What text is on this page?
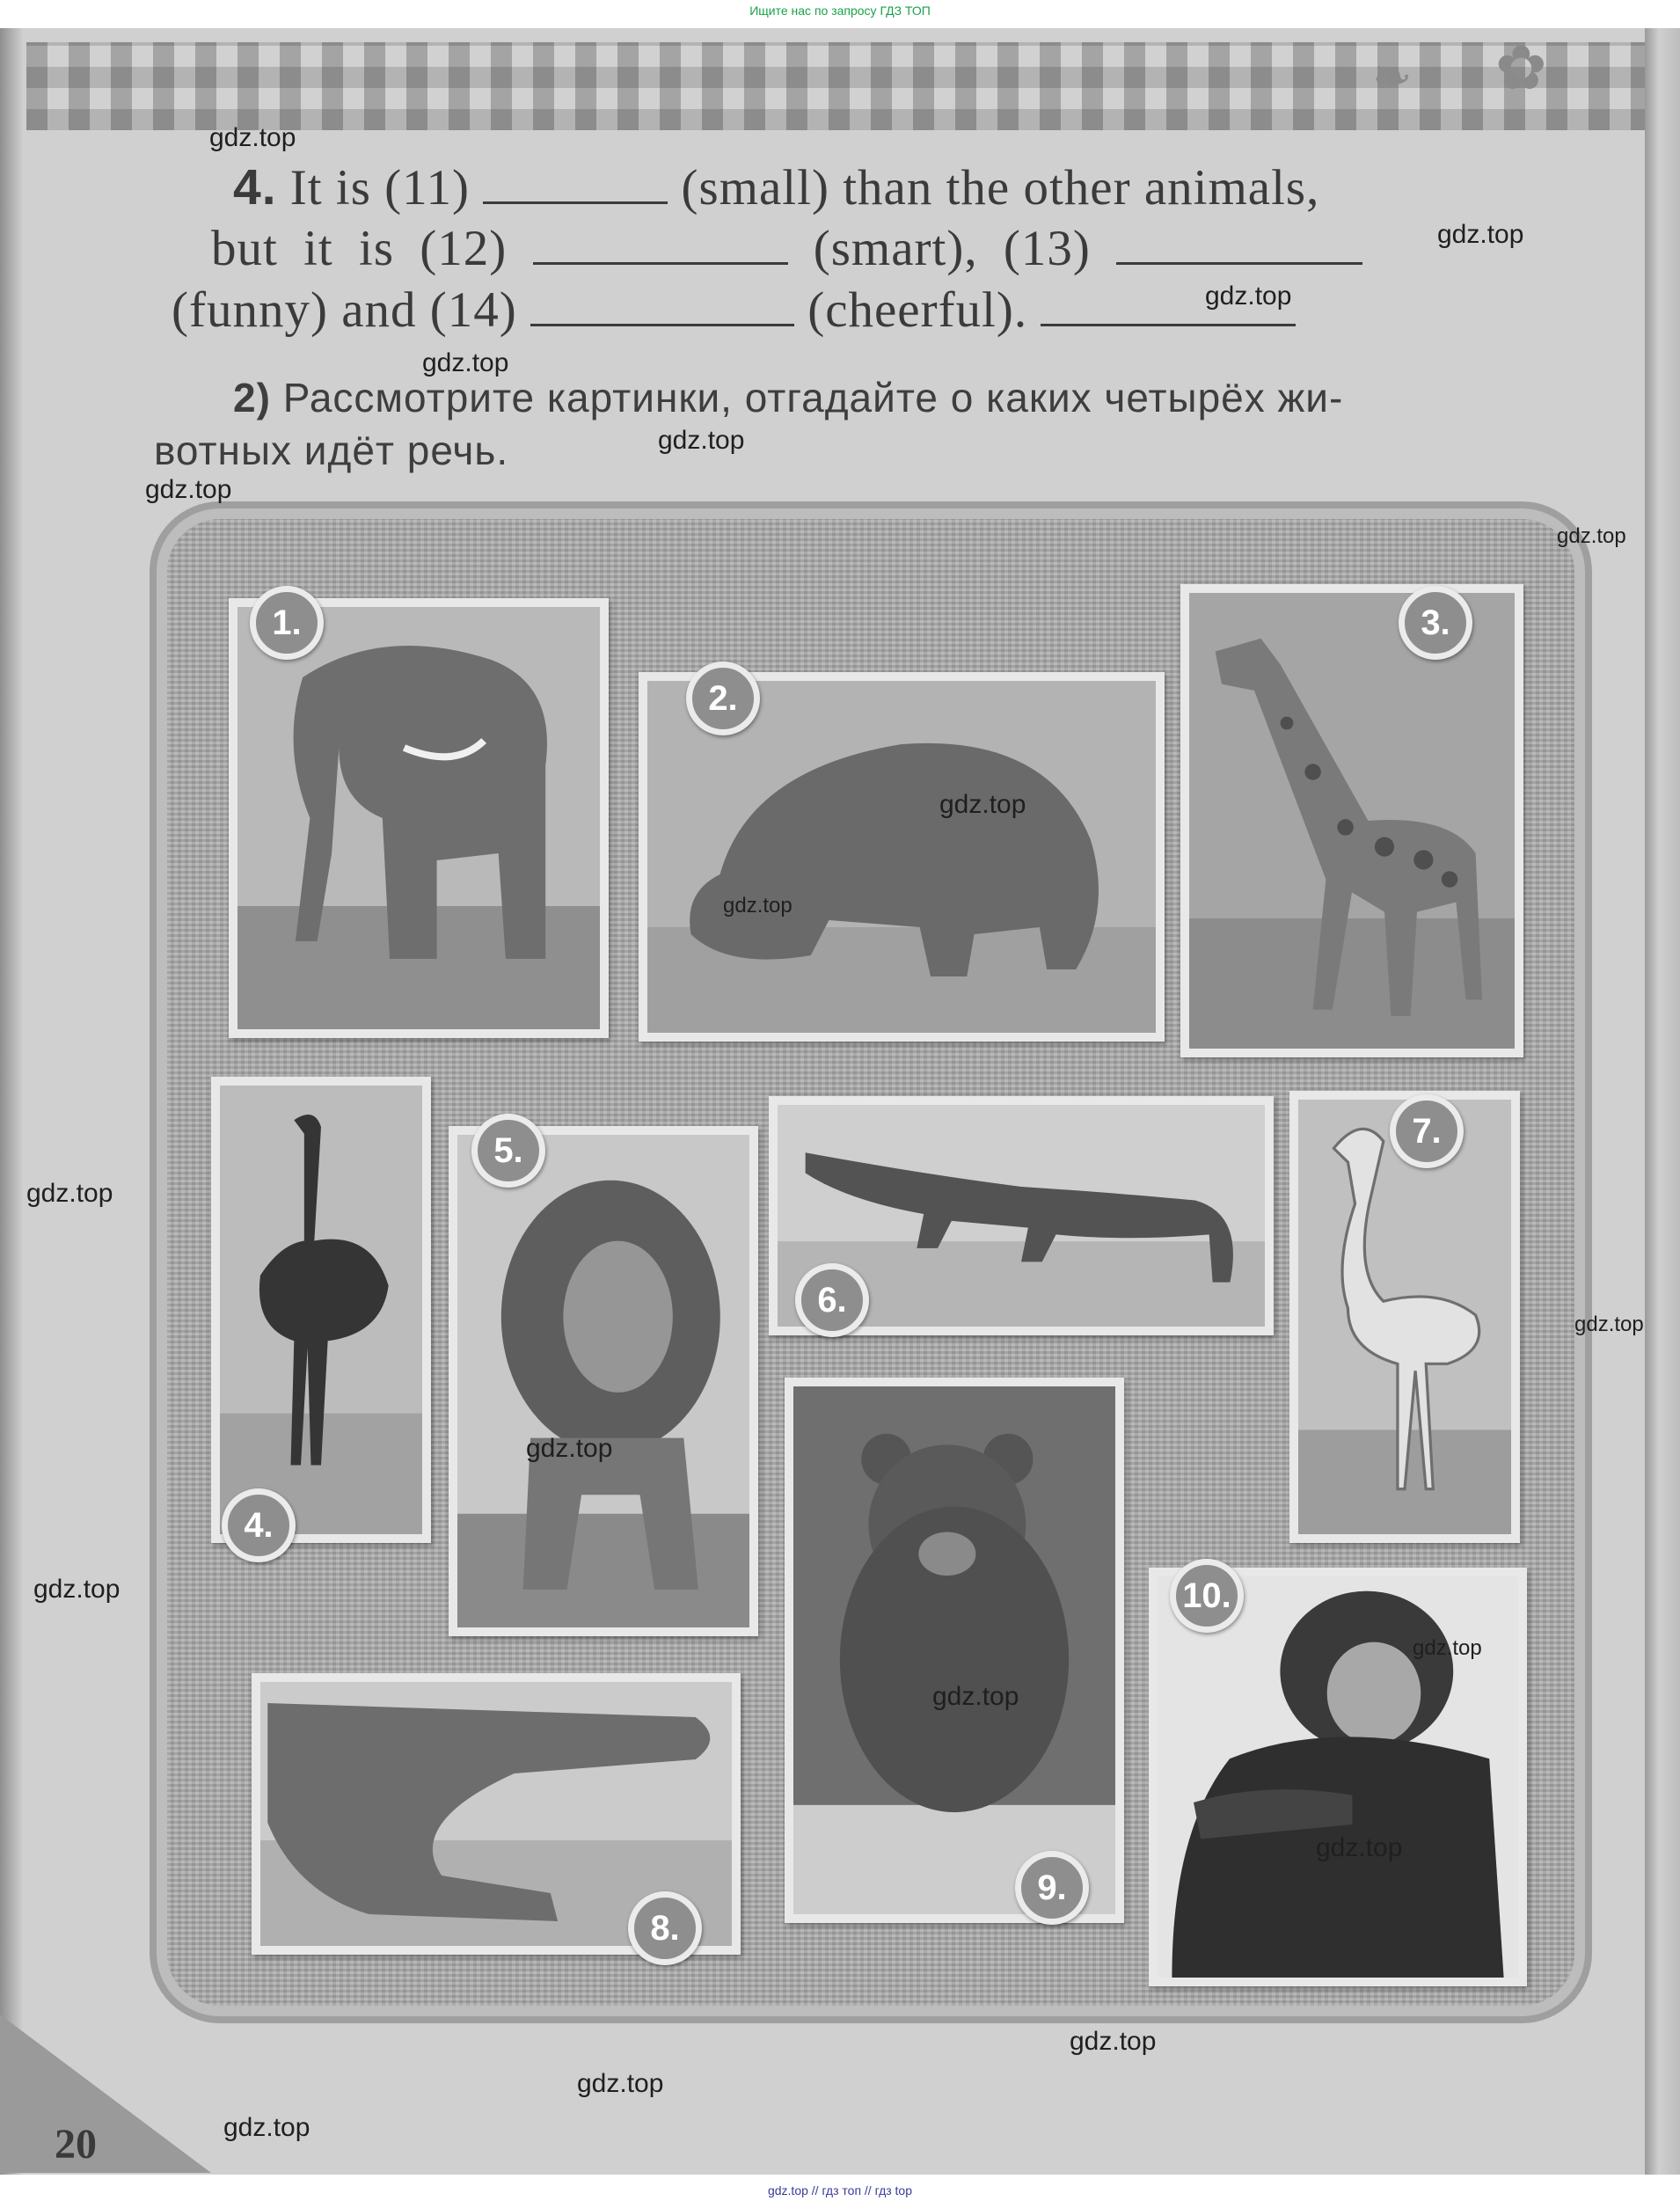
Ищите нас по запросу ГДЗ ТОП
✿
❧
4. It is (11)	(small) than the other animals,
but it is (12)	(smart), (13)
(funny) and (14)	(cheerful).
2) Рассмотрите картинки, отгадайте о каких четырёх жи-
вотных идёт речь.
1.
2.
3.
4.
5.
6.
7.
8.
9.
10.
gdz.top
gdz.top
gdz.top
gdz.top
gdz.top
gdz.top
gdz.top
gdz.top
gdz.top
gdz.top
gdz.top
gdz.top
gdz.top
gdz.top
gdz.top
gdz.top
gdz.top
gdz.top
gdz.top
20
gdz.top // гдз топ // гдз top
